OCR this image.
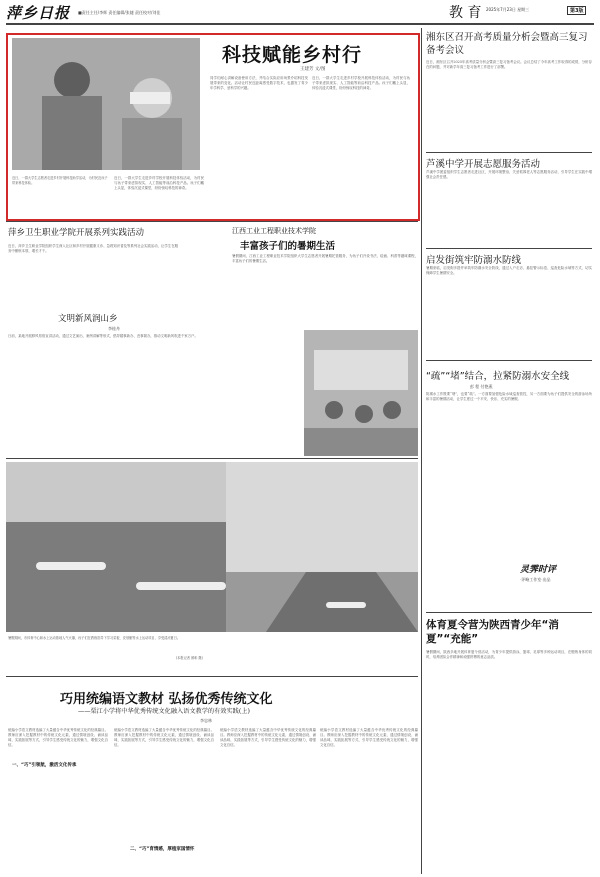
萍乡日报 ■责任主任/李辉 责任编辑/张婕 责任校对/刘佳	教 育 2025年7月23日 星期三	第3版
近日，一群大学生志愿者走进乡村开展科技助学活动，为村民及孩子带来科技体验。
近日，一群大学生走进乡村学校开展科技体验活动，为村民与孩子带来虚拟现实、人工智能等前沿科技产品。孩子们戴上头显，体验沉浸式课堂，纷纷惊叹科技的神奇。
科技赋能乡村行
王建芳 文/图
同学们耐心讲解设备使用方法，并结合实际应用场景介绍科技发展带来的变化。活动让村民近距离感受数字技术，也激发了青少年学科学、爱科学的兴趣。
近日，一群大学生走进乡村学校开展科技体验活动，为村民与孩子带来虚拟现实、人工智能等前沿科技产品。孩子们戴上头显，体验沉浸式课堂，纷纷惊叹科技的神奇。
湘东区召开高考质量分析会暨高三复习备考会议
近日，湘东区召开2025年高考质量分析会暨高三复习备考会议。会议总结了今年高考工作取得的成绩，分析存在的问题，并对新学年高三复习备考工作进行了部署。
芦溪中学开展志愿服务活动
芦溪中学团委组织学生志愿者走进社区，开展环境整治、关爱孤寡老人等志愿服务活动，引导学生在实践中增强社会责任感。
启发街筑牢防溺水防线
暑期来临，启发街多措并举筑牢防溺水安全防线，通过入户走访、悬挂警示标语、巡查危险水域等方式，切实保障学生暑期安全。
“疏”“堵”结合，拉紧防溺水安全线
彭 程 付艳燕
防溺水工作既要“堵”，也要“疏”。一方面要加强危险水域巡查管控，另一方面要为孩子们提供安全的游泳场所和丰富的暑期活动，让学生度过一个平安、快乐、充实的暑假。
灵霁时评
·评略工作室·出品
体育夏令营为陕西青少年“消夏”“充能”
暑假期间，陕西多地开展体育夏令营活动，为青少年提供游泳、篮球、足球等多种运动项目，在锻炼身体的同时，培养团队合作精神和顽强拼搏的意志品质。
萍乡卫生职业学院开展系列实践活动
近日，萍乡卫生职业学院组织学生深入社区和乡村开展健康义诊、急救知识普及等系列社会实践活动，让学生在服务中锤炼本领、增长才干。
文明新风润山乡
李桂舟
日前，某地开展移风易俗宣讲活动，通过文艺演出、案例讲解等形式，倡导婚事新办、丧事简办，推动文明新风吹进千家万户。
江西工业工程职业技术学院
丰富孩子们的暑期生活
暑假期间，江西工业工程职业技术学院组织大学生志愿者开展暑期托管服务，为孩子们开设书法、绘画、科普等趣味课程，丰富孩子们的暑期生活。
暑假期间，市体育中心和水上运动基地人气火爆，孩子们在教练指导下学习桨板、皮划艇等水上运动项目，享受清凉夏日。
(本报记者 颜彰 摄)
巧用统编语文教材 弘扬优秀传统文化
——栗江小学将中华优秀传统文化融入语文教学的有效实践(上)
李忠林
一、“巧”引领航，激活文化传承
二、“巧”育情感，厚植家国情怀
统编小学语文教材选编了大量蕴含中华优秀传统文化的经典篇目。教师应深入挖掘教材中的传统文化元素，通过情境创设、诵读品味、实践拓展等方式，引导学生感受传统文化的魅力，增强文化自信。
统编小学语文教材选编了大量蕴含中华优秀传统文化的经典篇目。教师应深入挖掘教材中的传统文化元素，通过情境创设、诵读品味、实践拓展等方式，引导学生感受传统文化的魅力，增强文化自信。
统编小学语文教材选编了大量蕴含中华优秀传统文化的经典篇目。教师应深入挖掘教材中的传统文化元素，通过情境创设、诵读品味、实践拓展等方式，引导学生感受传统文化的魅力，增强文化自信。
统编小学语文教材选编了大量蕴含中华优秀传统文化的经典篇目。教师应深入挖掘教材中的传统文化元素，通过情境创设、诵读品味、实践拓展等方式，引导学生感受传统文化的魅力，增强文化自信。
